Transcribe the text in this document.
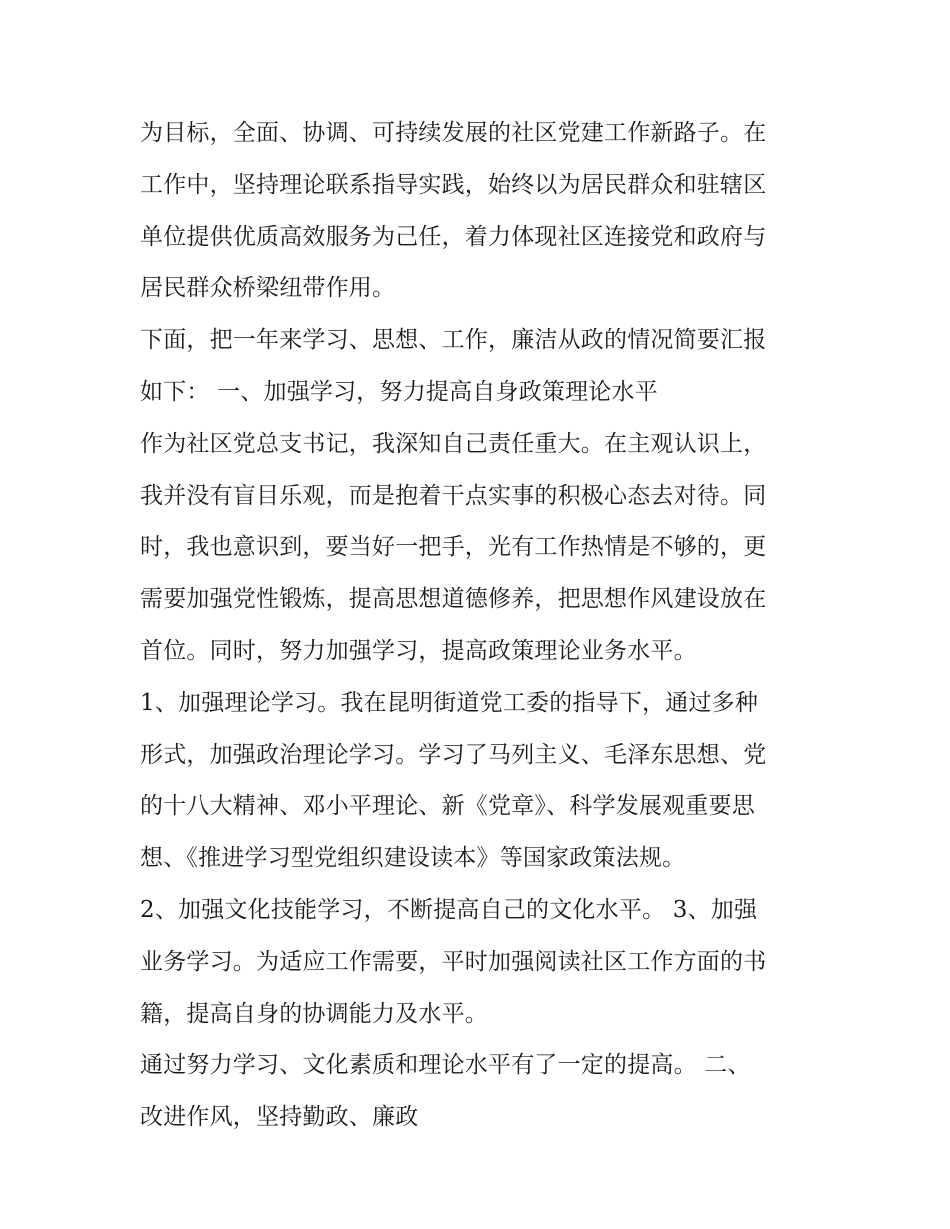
为目标，全面、协调、可持续发展的社区党建工作新路子。在
工作中，坚持理论联系指导实践，始终以为居民群众和驻辖区
单位提供优质高效服务为己任，着力体现社区连接党和政府与
居民群众桥梁纽带作用。
下面，把一年来学习、思想、工作，廉洁从政的情况简要汇报
如下： 一、加强学习，努力提高自身政策理论水平
作为社区党总支书记，我深知自己责任重大。在主观认识上，
我并没有盲目乐观，而是抱着干点实事的积极心态去对待。同
时，我也意识到，要当好一把手，光有工作热情是不够的，更
需要加强党性锻炼，提高思想道德修养，把思想作风建设放在
首位。同时，努力加强学习，提高政策理论业务水平。
1、加强理论学习。我在昆明街道党工委的指导下，通过多种
形式，加强政治理论学习。学习了马列主义、毛泽东思想、党
的十八大精神、邓小平理论、新《党章》、科学发展观重要思
想、《推进学习型党组织建设读本》等国家政策法规。
2、加强文化技能学习，不断提高自己的文化水平。 3、加强
业务学习。为适应工作需要，平时加强阅读社区工作方面的书
籍，提高自身的协调能力及水平。
通过努力学习、文化素质和理论水平有了一定的提高。 二、
改进作风，坚持勤政、廉政
